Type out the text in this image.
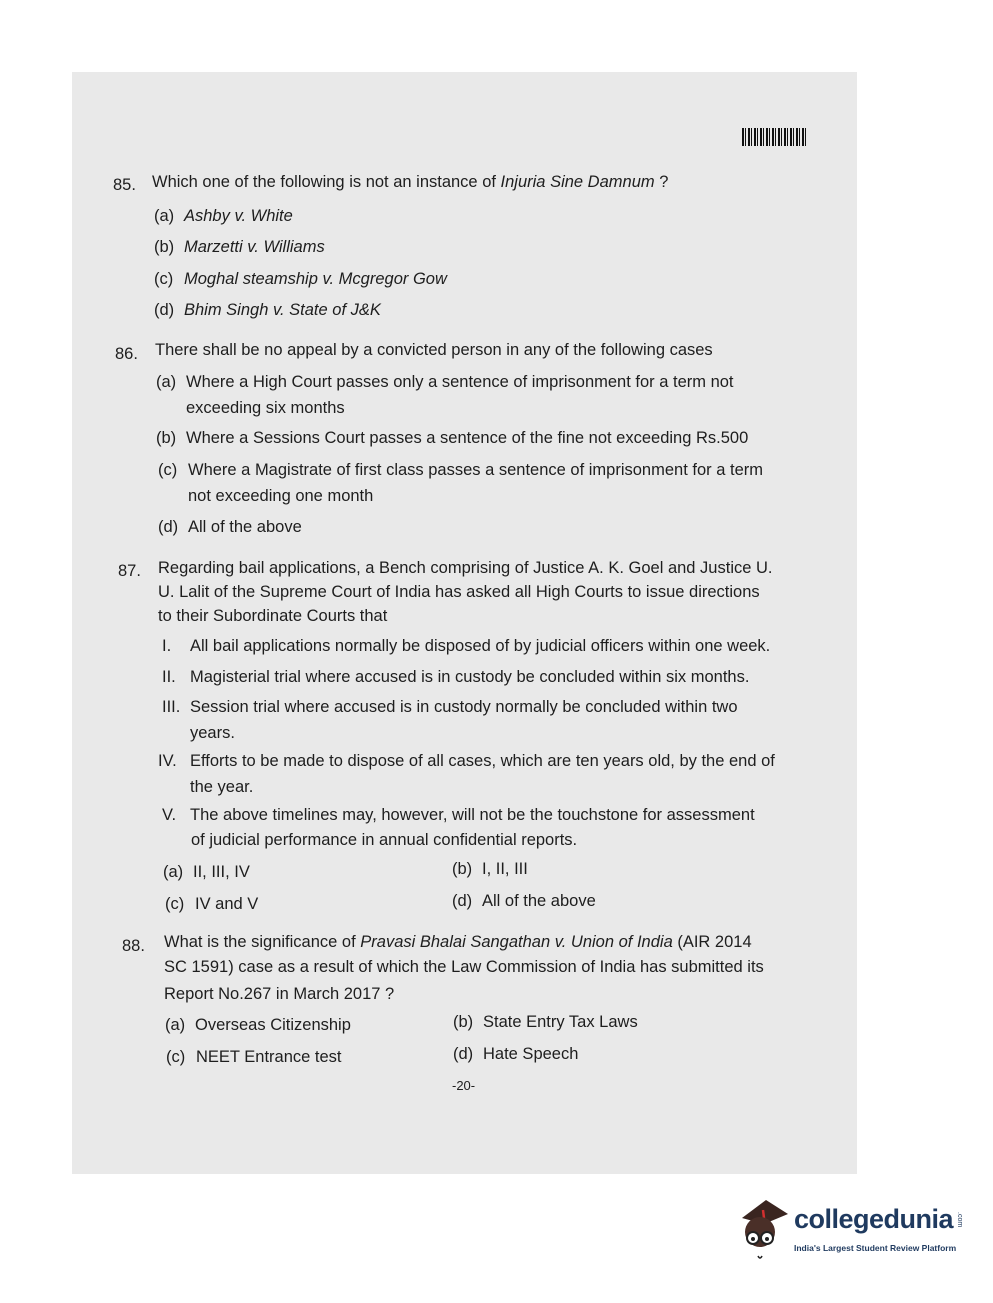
85. Which one of the following is not an instance of Injuria Sine Damnum ?
(a) Ashby v. White
(b) Marzetti v. Williams
(c) Moghal steamship v. Mcgregor Gow
(d) Bhim Singh v. State of J&K
86. There shall be no appeal by a convicted person in any of the following cases
(a) Where a High Court passes only a sentence of imprisonment for a term not
exceeding six months
(b) Where a Sessions Court passes a sentence of the fine not exceeding Rs.500
(c) Where a Magistrate of first class passes a sentence of imprisonment for a term
not exceeding one month
(d) All of the above
87. Regarding bail applications, a Bench comprising of Justice A. K. Goel and Justice U.
U. Lalit of the Supreme Court of India has asked all High Courts to issue directions
to their Subordinate Courts that
I. All bail applications normally be disposed of by judicial officers within one week.
II. Magisterial trial where accused is in custody be concluded within six months.
III. Session trial where accused is in custody normally be concluded within two
years.
IV. Efforts to be made to dispose of all cases, which are ten years old, by the end of
the year.
V. The above timelines may, however, will not be the touchstone for assessment
of judicial performance in annual confidential reports.
(a) II, III, IV	(b) I, II, III
(c) IV and V	(d) All of the above
88. What is the significance of Pravasi Bhalai Sangathan v. Union of India (AIR 2014
SC 1591) case as a result of which the Law Commission of India has submitted its
Report No.267 in March 2017 ?
(a) Overseas Citizenship	(b) State Entry Tax Laws
(c) NEET Entrance test	(d) Hate Speech
-20-
collegedunia .com
India's Largest Student Review Platform
